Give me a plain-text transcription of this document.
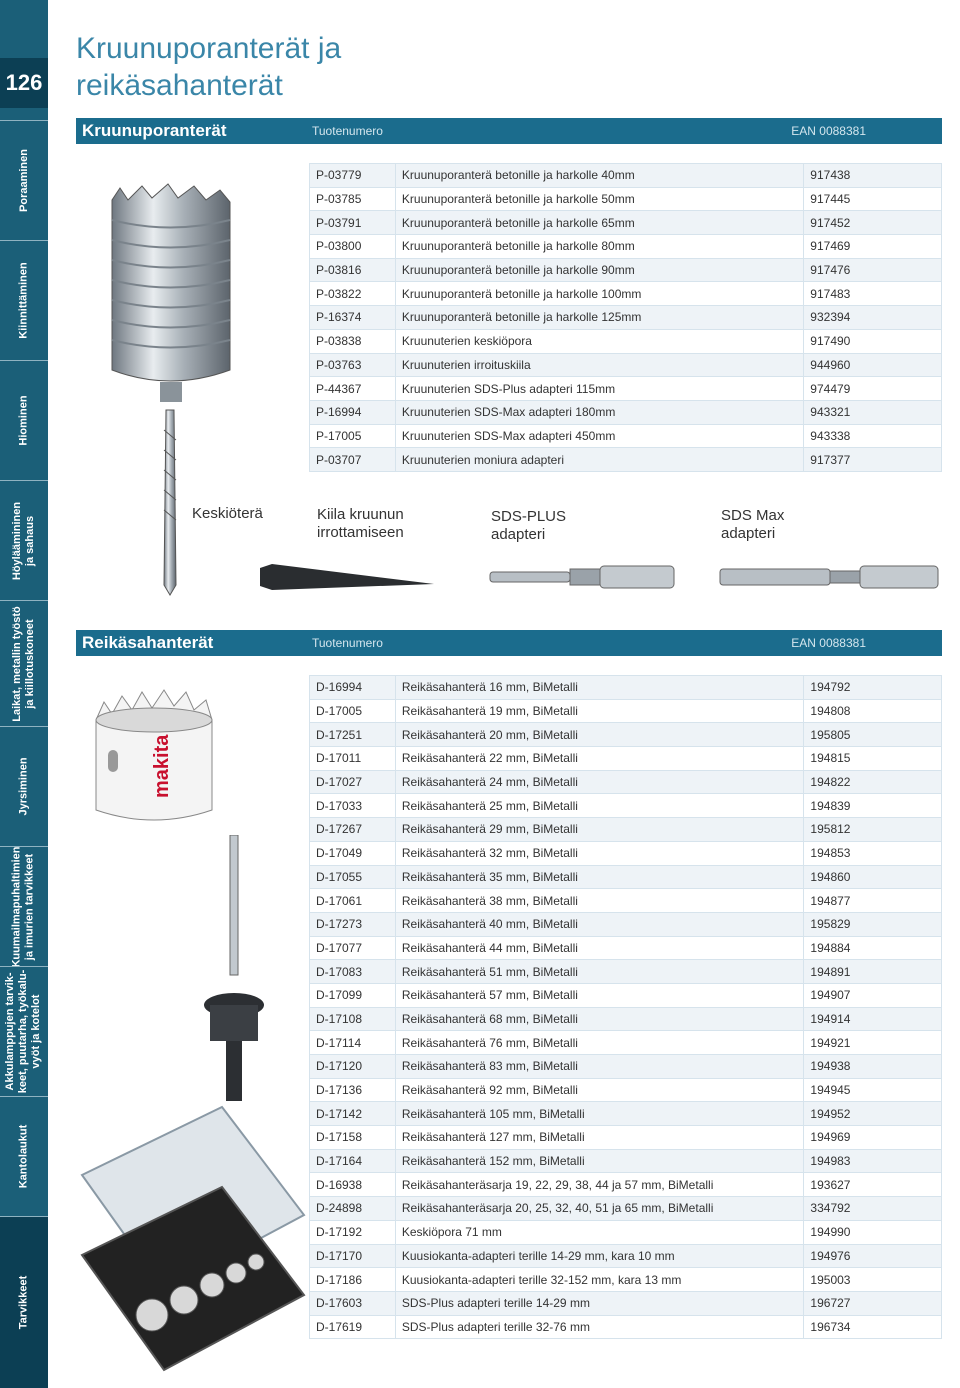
126
Poraaminen
Kiinnittäminen
Hiominen
Höyläämininen ja sahaus
Laikat, metallin työstö ja kiillotuskoneet
Jyrsiminen
Kuumailmapuhaltimien ja imurien tarvikkeet
Akkulamppujen tarvik- keet, puutarha, työkalu- vyöt ja kotelot
Kantolaukut
Tarvikkeet
Kruunuporanterät ja
reikäsahanterät
Kruunuporanterät	Tuotenumero	EAN 0088381
P-03779	Kruunuporanterä betonille ja harkolle 40mm	917438
P-03785	Kruunuporanterä betonille ja harkolle 50mm	917445
P-03791	Kruunuporanterä betonille ja harkolle 65mm	917452
P-03800	Kruunuporanterä betonille ja harkolle 80mm	917469
P-03816	Kruunuporanterä betonille ja harkolle 90mm	917476
P-03822	Kruunuporanterä betonille ja harkolle 100mm	917483
P-16374	Kruunuporanterä betonille ja harkolle 125mm	932394
P-03838	Kruunuterien keskiöpora	917490
P-03763	Kruunuterien irroituskiila	944960
P-44367	Kruunuterien SDS-Plus adapteri 115mm	974479
P-16994	Kruunuterien SDS-Max adapteri 180mm	943321
P-17005	Kruunuterien SDS-Max adapteri 450mm	943338
P-03707	Kruunuterien moniura adapteri	917377
Keskiöterä	Kiila kruunun
irrottamiseen
SDS-PLUS
adapteri
SDS Max
adapteri
Reikäsahanterät	Tuotenumero	EAN 0088381
makita
D-16994	Reikäsahanterä 16 mm, BiMetalli	194792
D-17005	Reikäsahanterä 19 mm, BiMetalli	194808
D-17251	Reikäsahanterä 20 mm, BiMetalli	195805
D-17011	Reikäsahanterä 22 mm, BiMetalli	194815
D-17027	Reikäsahanterä 24 mm, BiMetalli	194822
D-17033	Reikäsahanterä 25 mm, BiMetalli	194839
D-17267	Reikäsahanterä 29 mm, BiMetalli	195812
D-17049	Reikäsahanterä 32 mm, BiMetalli	194853
D-17055	Reikäsahanterä 35 mm, BiMetalli	194860
D-17061	Reikäsahanterä 38 mm, BiMetalli	194877
D-17273	Reikäsahanterä 40 mm, BiMetalli	195829
D-17077	Reikäsahanterä 44 mm, BiMetalli	194884
D-17083	Reikäsahanterä 51 mm, BiMetalli	194891
D-17099	Reikäsahanterä 57 mm, BiMetalli	194907
D-17108	Reikäsahanterä 68 mm, BiMetalli	194914
D-17114	Reikäsahanterä 76 mm, BiMetalli	194921
D-17120	Reikäsahanterä 83 mm, BiMetalli	194938
D-17136	Reikäsahanterä 92 mm, BiMetalli	194945
D-17142	Reikäsahanterä 105 mm, BiMetalli	194952
D-17158	Reikäsahanterä 127 mm, BiMetalli	194969
D-17164	Reikäsahanterä 152 mm, BiMetalli	194983
D-16938	Reikäsahanteräsarja 19, 22, 29, 38, 44 ja 57 mm, BiMetalli	193627
D-24898	Reikäsahanteräsarja 20, 25, 32, 40, 51 ja 65 mm, BiMetalli	334792
D-17192	Keskiöpora 71 mm	194990
D-17170	Kuusiokanta-adapteri terille 14-29 mm, kara 10 mm	194976
D-17186	Kuusiokanta-adapteri terille 32-152 mm, kara 13 mm	195003
D-17603	SDS-Plus adapteri terille 14-29 mm	196727
D-17619	SDS-Plus adapteri terille 32-76 mm	196734
